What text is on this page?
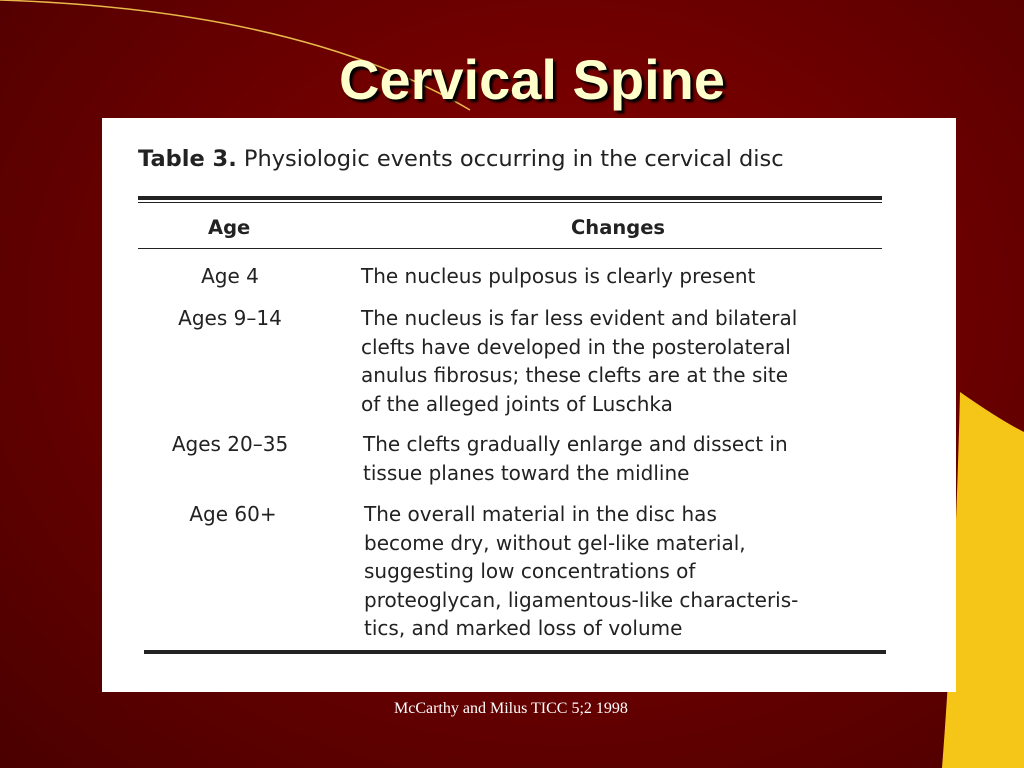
Cervical Spine
Table 3. Physiologic events occurring in the cervical disc
Age	Changes
Age 4	The nucleus pulposus is clearly present
Ages 9–14	The nucleus is far less evident and bilateral
clefts have developed in the posterolateral
anulus fibrosus; these clefts are at the site
of the alleged joints of Luschka
Ages 20–35	The clefts gradually enlarge and dissect in
tissue planes toward the midline
Age 60+	The overall material in the disc has
become dry, without gel-like material,
suggesting low concentrations of
proteoglycan, ligamentous-like characteris-
tics, and marked loss of volume
McCarthy and Milus TICC 5;2 1998
